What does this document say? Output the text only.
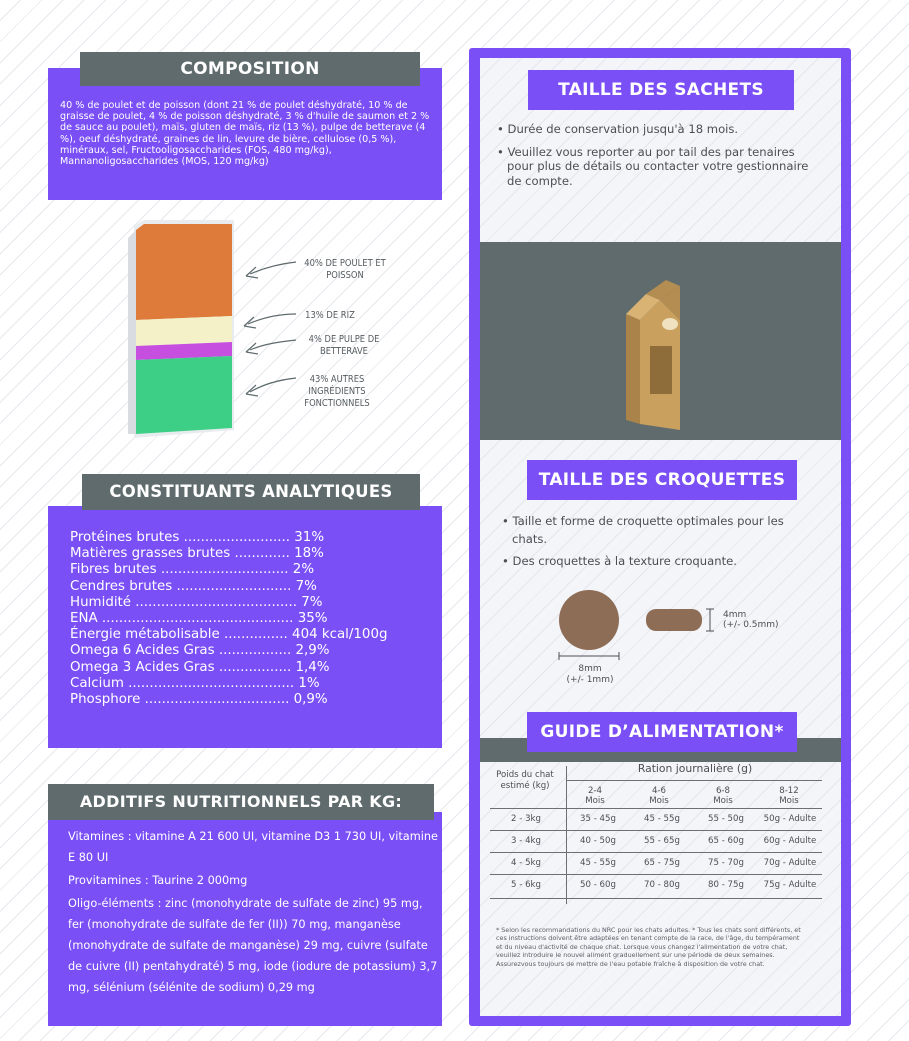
COMPOSITION
40 % de poulet et de poisson (dont 21 % de poulet déshydraté, 10 % de graisse de poulet, 4 % de poisson déshydraté, 3 % d'huile de saumon et 2 % de sauce au poulet), maïs, gluten de maïs, riz (13 %), pulpe de betterave (4 %), oeuf déshydraté, graines de lin, levure de bière, cellulose (0,5 %), minéraux, sel, Fructooligosaccharides (FOS, 480 mg/kg), Mannanoligosaccharides (MOS, 120 mg/kg)
40% DE POULET ET POISSON
13% DE RIZ
4% DE PULPE DE BETTERAVE
43% AUTRES INGRÉDIENTS FONCTIONNELS
CONSTITUANTS ANALYTIQUES
Protéines brutes ......................... 31%
Matières grasses brutes ............. 18%
Fibres brutes .............................. 2%
Cendres brutes ........................... 7%
Humidité ...................................... 7%
ENA ............................................. 35%
Énergie métabolisable ............... 404 kcal/100g
Omega 6 Acides Gras ................. 2,9%
Omega 3 Acides Gras ................. 1,4%
Calcium ....................................... 1%
Phosphore .................................. 0,9%
ADDITIFS NUTRITIONNELS PAR KG:

Vitamines : vitamine A 21 600 UI, vitamine D3 1 730 UI, vitamine E 80 UI

Provitamines : Taurine 2 000mg

Oligo-éléments : zinc (monohydrate de sulfate de zinc) 95 mg, fer (monohydrate de sulfate de fer (II)) 70 mg, manganèse (monohydrate de sulfate de manganèse) 29 mg, cuivre (sulfate de cuivre (II) pentahydraté) 5 mg, iode (iodure de potassium) 3,7 mg, sélénium (sélénite de sodium) 0,29 mg

TAILLE DES SACHETS

• Durée de conservation jusqu'à 18 mois.

• Veuillez vous reporter au por tail des par tenaires pour plus de détails ou contacter votre gestionnaire de compte.

TAILLE DES CROQUETTES

• Taille et forme de croquette optimales pour les chats.

• Des croquettes à la texture croquante.

4mm
(+/- 0.5mm)
8mm
(+/- 1mm)
GUIDE D’ALIMENTATION*
Poids du chat estimé (kg)
Ration journalière (g)
2-4
Mois
4-6
Mois
6-8
Mois
8-12
Mois
2 - 3kg	35 - 45g	45 - 55g	55 - 50g	50g - Adulte
3 - 4kg	40 - 50g	55 - 65g	65 - 60g	60g - Adulte
4 - 5kg	45 - 55g	65 - 75g	75 - 70g	70g - Adulte
5 - 6kg	50 - 60g	70 - 80g	80 - 75g	75g - Adulte
* Selon les recommandations du NRC pour les chats adultes. * Tous les chats sont différents, et ces instructions doivent être adaptées en tenant compte de la race, de l'âge, du tempérament et du niveau d'activité de chaque chat. Lorsque vous changez l'alimentation de votre chat, veuillez introduire le nouvel aliment graduellement sur une période de deux semaines. Assurezvous toujours de mettre de l'eau potable fraîche à disposition de votre chat.
